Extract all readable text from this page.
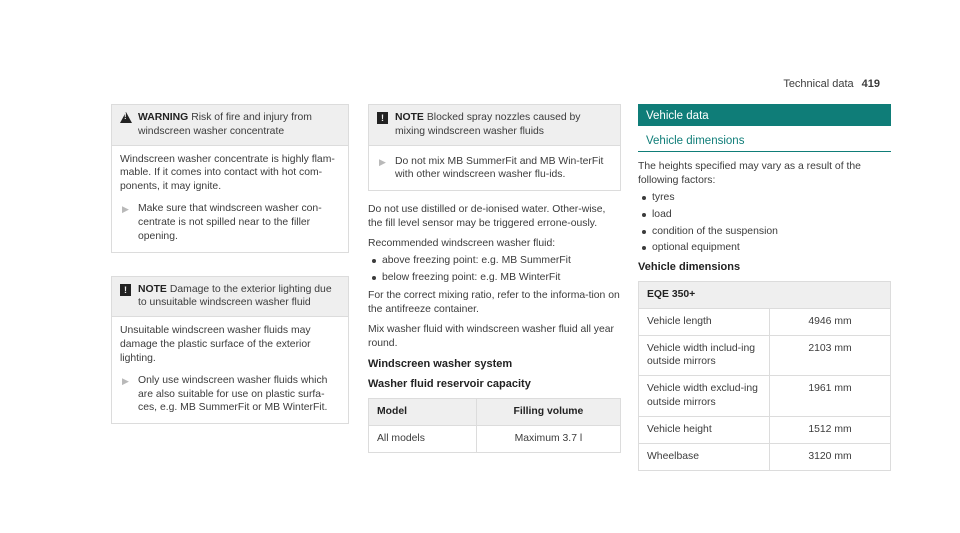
Technical data 419
!
WARNING Risk of fire and injury from windscreen washer concentrate

Windscreen washer concentrate is highly flam-mable. If it comes into contact with hot com-ponents, it may ignite.

▶ Make sure that windscreen washer con-centrate is not spilled near to the filler opening.
!	NOTE Damage to the exterior lighting due to unsuitable windscreen washer fluid

Unsuitable windscreen washer fluids may damage the plastic surface of the exterior lighting.

▶ Only use windscreen washer fluids which are also suitable for use on plastic surfa-ces, e.g. MB SummerFit or MB WinterFit.
!	NOTE Blocked spray nozzles caused by mixing windscreen washer fluids
▶ Do not mix MB SummerFit and MB Win-terFit with other windscreen washer flu-ids.

Do not use distilled or de-ionised water. Other-wise, the fill level sensor may be triggered errone-ously.

Recommended windscreen washer fluid:

above freezing point: e.g. MB SummerFit
below freezing point: e.g. MB WinterFit

For the correct mixing ratio, refer to the informa-tion on the antifreeze container.

Mix washer fluid with windscreen washer fluid all year round.

Windscreen washer system
Washer fluid reservoir capacity
Model	Filling volume
All models	Maximum 3.7 l
Vehicle data
Vehicle dimensions

The heights specified may vary as a result of the following factors:

tyres
load
condition of the suspension
optional equipment
Vehicle dimensions
EQE 350+	
Vehicle length	4946 mm
Vehicle width includ-ing outside mirrors	2103 mm
Vehicle width exclud-ing outside mirrors	1961 mm
Vehicle height	1512 mm
Wheelbase	3120 mm
